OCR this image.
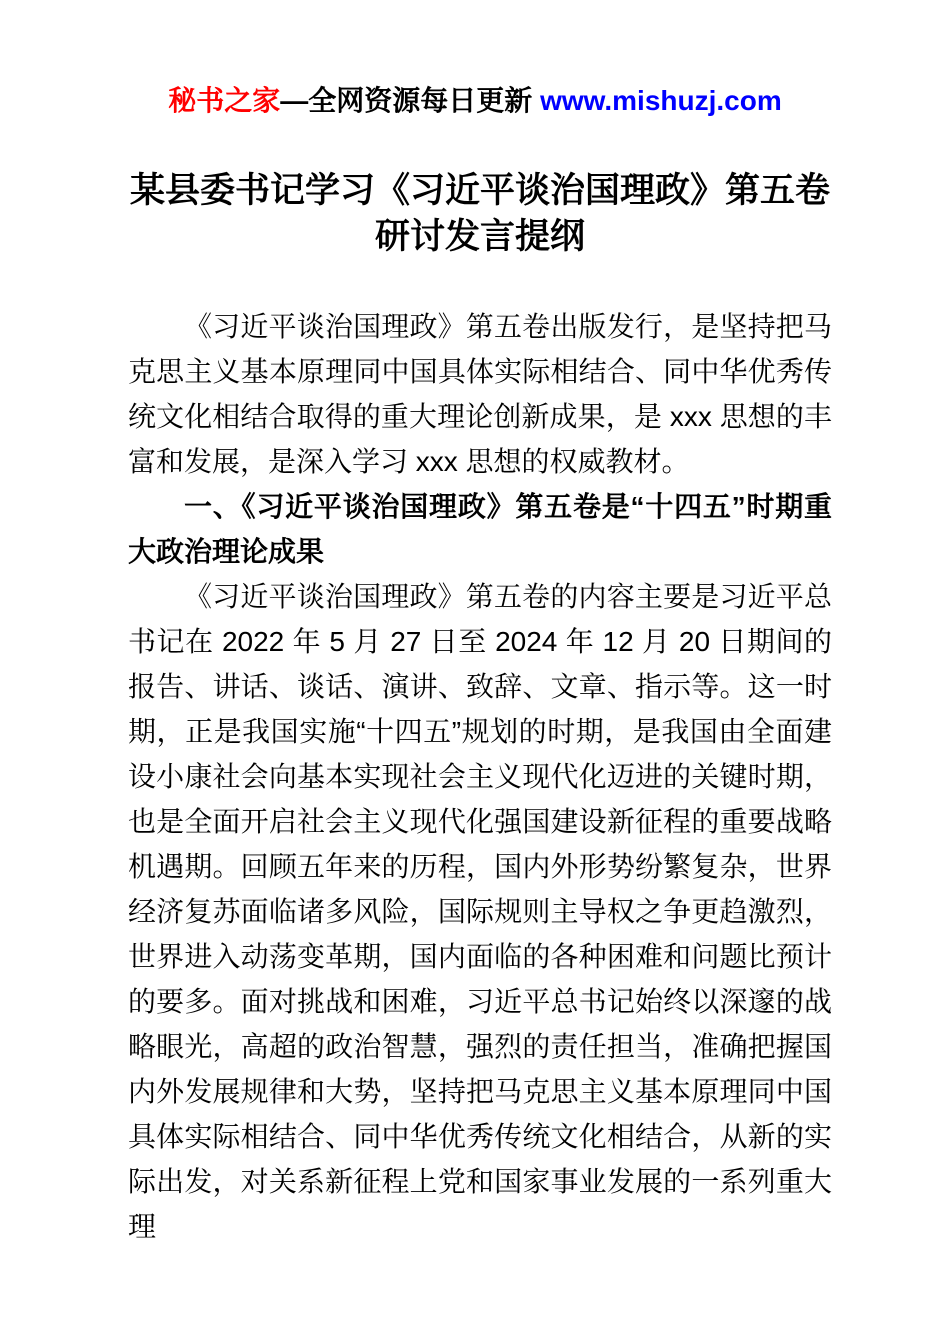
秘书之家—全网资源每日更新 www.mishuzj.com
某县委书记学习《习近平谈治国理政》第五卷研讨发言提纲

《习近平谈治国理政》第五卷出版发行，是坚持把马克思主义基本原理同中国具体实际相结合、同中华优秀传统文化相结合取得的重大理论创新成果，是 xxx 思想的丰富和发展，是深入学习 xxx 思想的权威教材。

一、《习近平谈治国理政》第五卷是“十四五”时期重大政治理论成果

《习近平谈治国理政》第五卷的内容主要是习近平总书记在 2022 年 5 月 27 日至 2024 年 12 月 20 日期间的报告、讲话、谈话、演讲、致辞、文章、指示等。这一时期，正是我国实施“十四五”规划的时期，是我国由全面建设小康社会向基本实现社会主义现代化迈进的关键时期，也是全面开启社会主义现代化强国建设新征程的重要战略机遇期。回顾五年来的历程，国内外形势纷繁复杂，世界经济复苏面临诸多风险，国际规则主导权之争更趋激烈，世界进入动荡变革期，国内面临的各种困难和问题比预计的要多。面对挑战和困难，习近平总书记始终以深邃的战略眼光，高超的政治智慧，强烈的责任担当，准确把握国内外发展规律和大势，坚持把马克思主义基本原理同中国具体实际相结合、同中华优秀传统文化相结合，从新的实际出发，对关系新征程上党和国家事业发展的一系列重大理
